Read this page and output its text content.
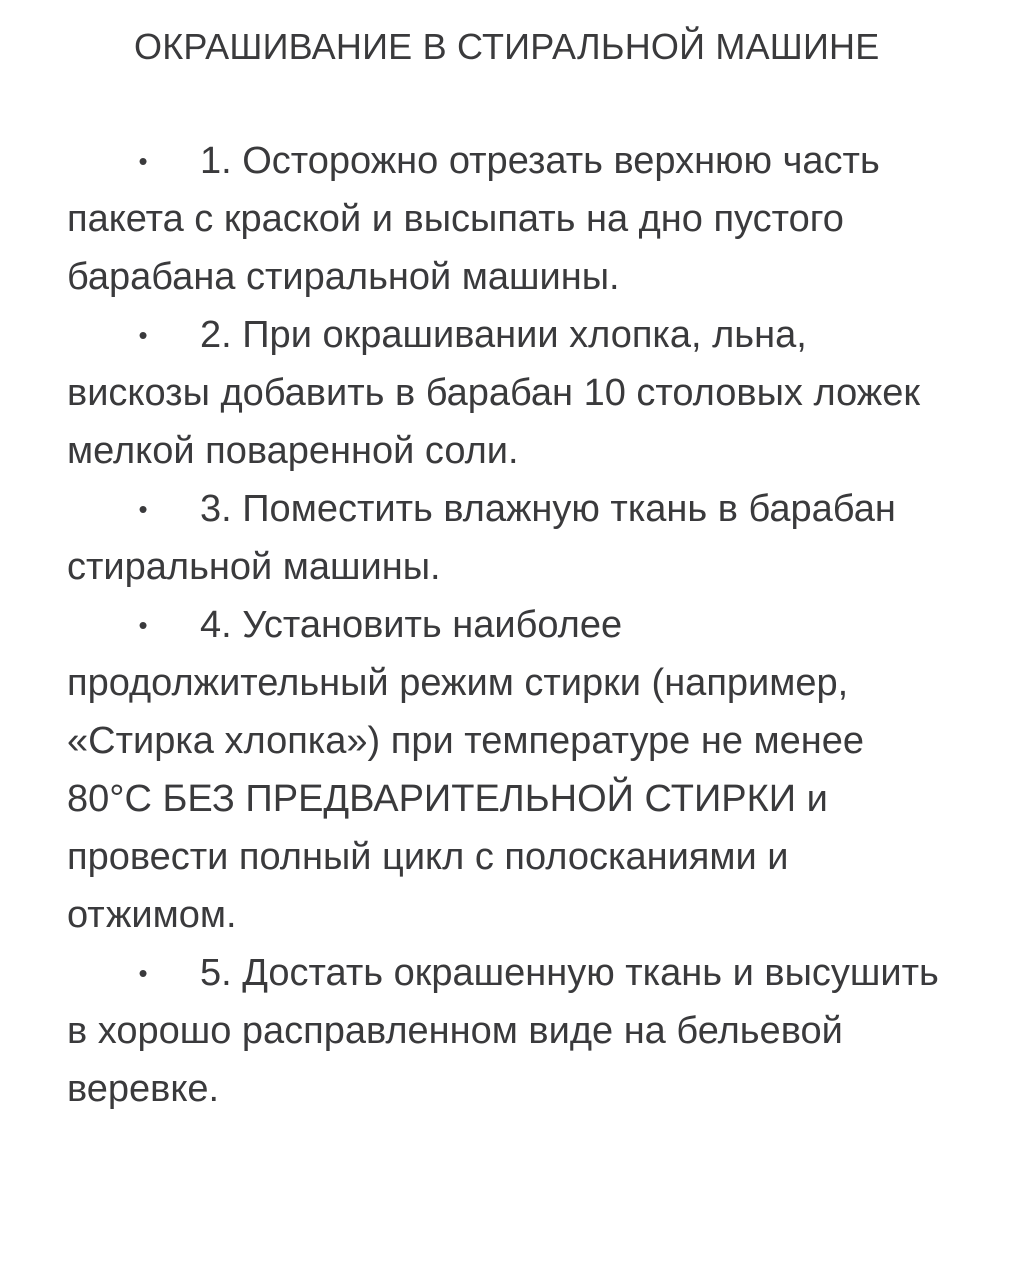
ОКРАШИВАНИЕ В СТИРАЛЬНОЙ МАШИНЕ
• 1. Осторожно отрезать верхнюю часть пакета с краской и высыпать на дно пустого барабана стиральной машины.
• 2. При окрашивании хлопка, льна, вискозы добавить в барабан 10 столовых ложек мелкой поваренной соли.
• 3. Поместить влажную ткань в барабан стиральной машины.
• 4. Установить наиболее продолжительный режим стирки (например, «Стирка хлопка») при температуре не менее 80°С БЕЗ ПРЕДВАРИТЕЛЬНОЙ СТИРКИ и провести полный цикл с полосканиями и отжимом.
• 5. Достать окрашенную ткань и высушить в хорошо расправленном виде на бельевой веревке.
